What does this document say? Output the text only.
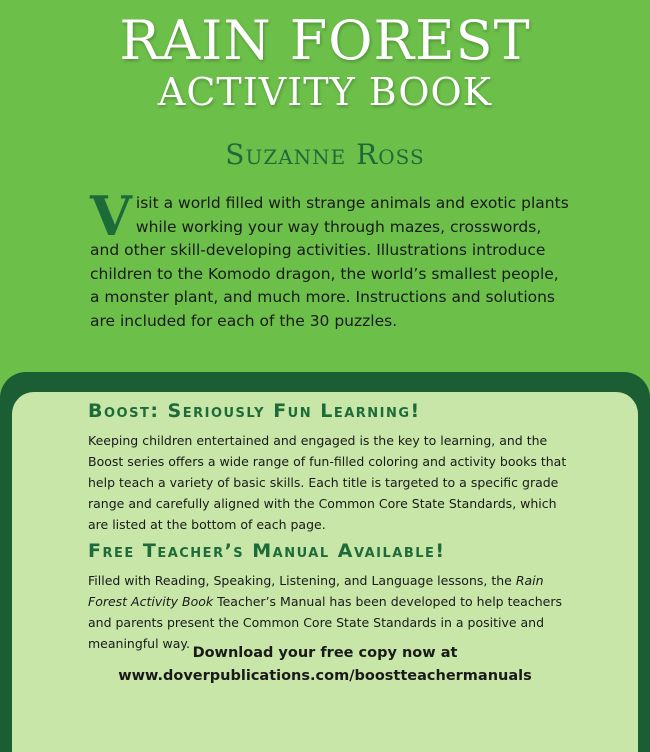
RAIN FOREST
ACTIVITY BOOK
Suzanne Ross
Visit a world filled with strange animals and exotic plants while working your way through mazes, crosswords, and other skill-developing activities. Illustrations introduce children to the Komodo dragon, the world’s smallest people, a monster plant, and much more. Instructions and solutions are included for each of the 30 puzzles.
Boost: Seriously Fun Learning!
Keeping children entertained and engaged is the key to learning, and the Boost series offers a wide range of fun-filled coloring and activity books that help teach a variety of basic skills. Each title is targeted to a specific grade range and carefully aligned with the Common Core State Standards, which are listed at the bottom of each page.
Free Teacher’s Manual Available!
Filled with Reading, Speaking, Listening, and Language lessons, the Rain Forest Activity Book Teacher’s Manual has been developed to help teachers and parents present the Common Core State Standards in a positive and meaningful way.
Download your free copy now at
www.doverpublications.com/boostteachermanuals
